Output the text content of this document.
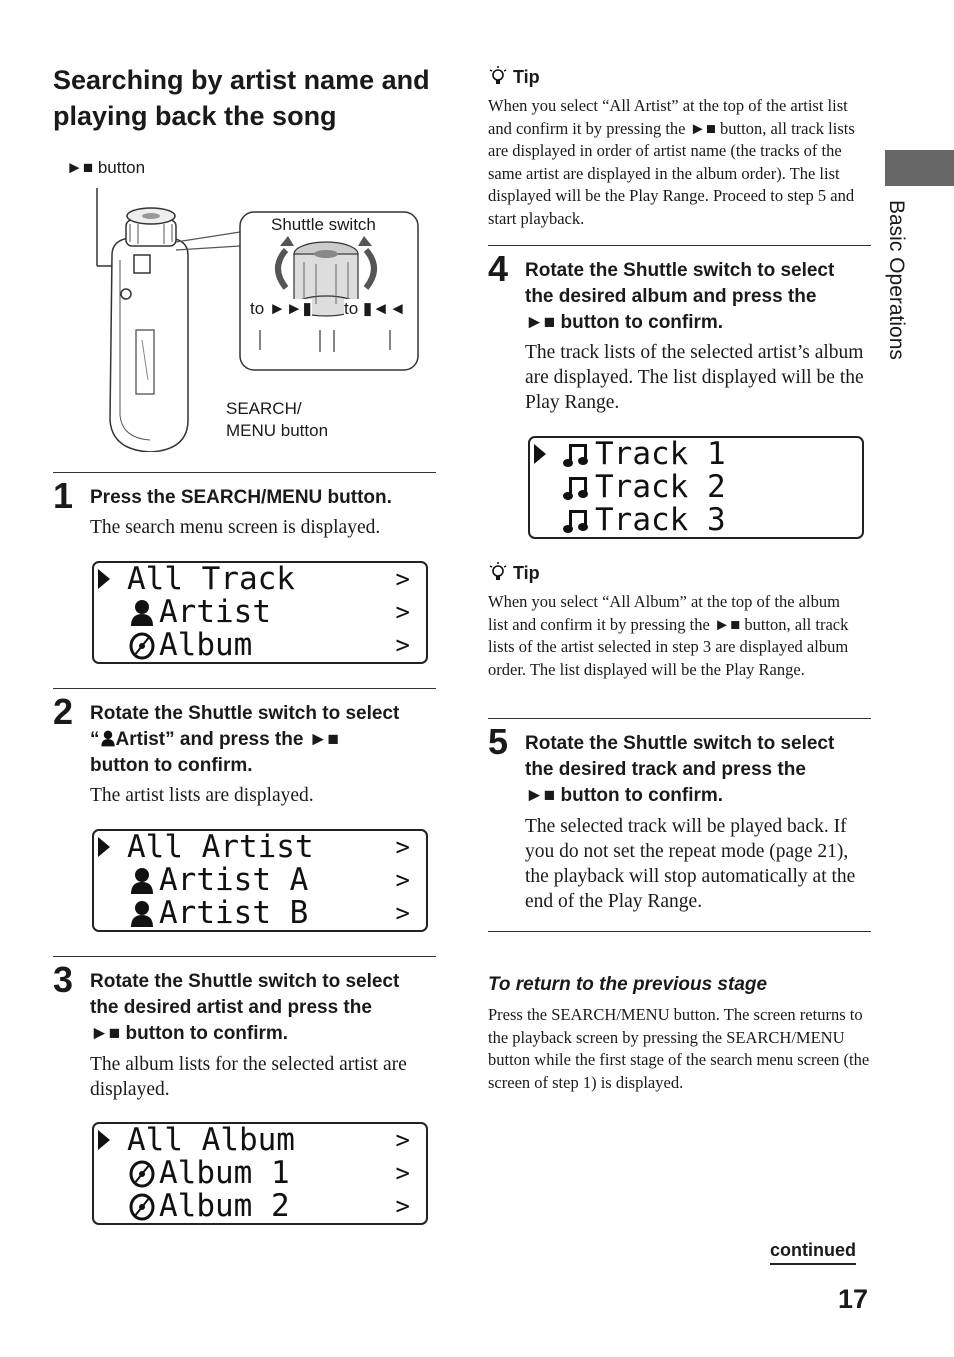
Searching by artist name and playing back the song
Basic Operations
►■ button
Shuttle switch
to ►►▮ to ▮◄◄
SEARCH/
MENU button
1 Press the SEARCH/MENU button.
The search menu screen is displayed.
All Track	>
Artist	>
Album	>
2 Rotate the Shuttle switch to select
“ Artist” and press the ►■
button to confirm.
The artist lists are displayed.
All Artist	>
Artist A	>
Artist B	>
3 Rotate the Shuttle switch to select
the desired artist and press the
►■ button to confirm.
The album lists for the selected artist are displayed.
All Album	>
Album 1	>
Album 2	>
Tip
When you select “All Artist” at the top of the artist list and confirm it by pressing the ►■ button, all track lists are displayed in order of artist name (the tracks of the same artist are displayed in the album order). The list displayed will be the Play Range. Proceed to step 5 and start playback.
4 Rotate the Shuttle switch to select
the desired album and press the
►■ button to confirm.
The track lists of the selected artist’s album are displayed. The list displayed will be the Play Range.
Track 1
Track 2
Track 3
Tip
When you select “All Album” at the top of the album list and confirm it by pressing the ►■ button, all track lists of the artist selected in step 3 are displayed album order. The list displayed will be the Play Range.
5 Rotate the Shuttle switch to select
the desired track and press the
►■ button to confirm.
The selected track will be played back. If you do not set the repeat mode (page 21), the playback will stop automatically at the end of the Play Range.
To return to the previous stage
Press the SEARCH/MENU button. The screen returns to the playback screen by pressing the SEARCH/MENU button while the first stage of the search menu screen (the screen of step 1) is displayed.
continued
17
